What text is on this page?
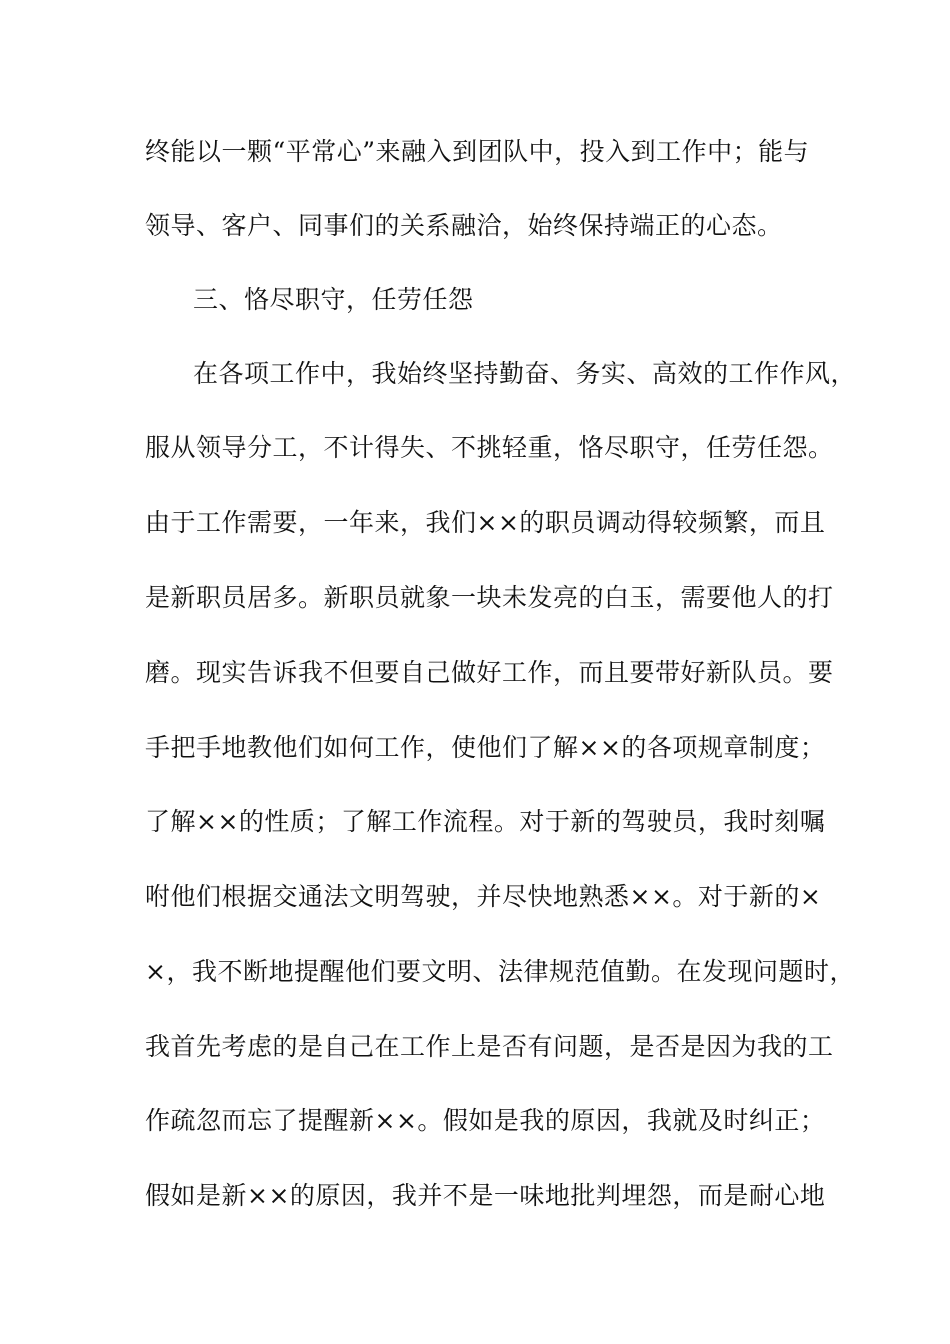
终能以一颗“平常心”来融入到团队中，投入到工作中；能与
领导、客户、同事们的关系融洽，始终保持端正的心态。
三、恪尽职守，任劳任怨
在各项工作中，我始终坚持勤奋、务实、高效的工作作风，
服从领导分工，不计得失、不挑轻重，恪尽职守，任劳任怨。
由于工作需要，一年来，我们××的职员调动得较频繁，而且
是新职员居多。新职员就象一块未发亮的白玉，需要他人的打
磨。现实告诉我不但要自己做好工作，而且要带好新队员。要
手把手地教他们如何工作，使他们了解××的各项规章制度；
了解××的性质；了解工作流程。对于新的驾驶员，我时刻嘱
咐他们根据交通法文明驾驶，并尽快地熟悉××。对于新的×
×，我不断地提醒他们要文明、法律规范值勤。在发现问题时，
我首先考虑的是自己在工作上是否有问题，是否是因为我的工
作疏忽而忘了提醒新××。假如是我的原因，我就及时纠正；
假如是新××的原因，我并不是一味地批判埋怨，而是耐心地
